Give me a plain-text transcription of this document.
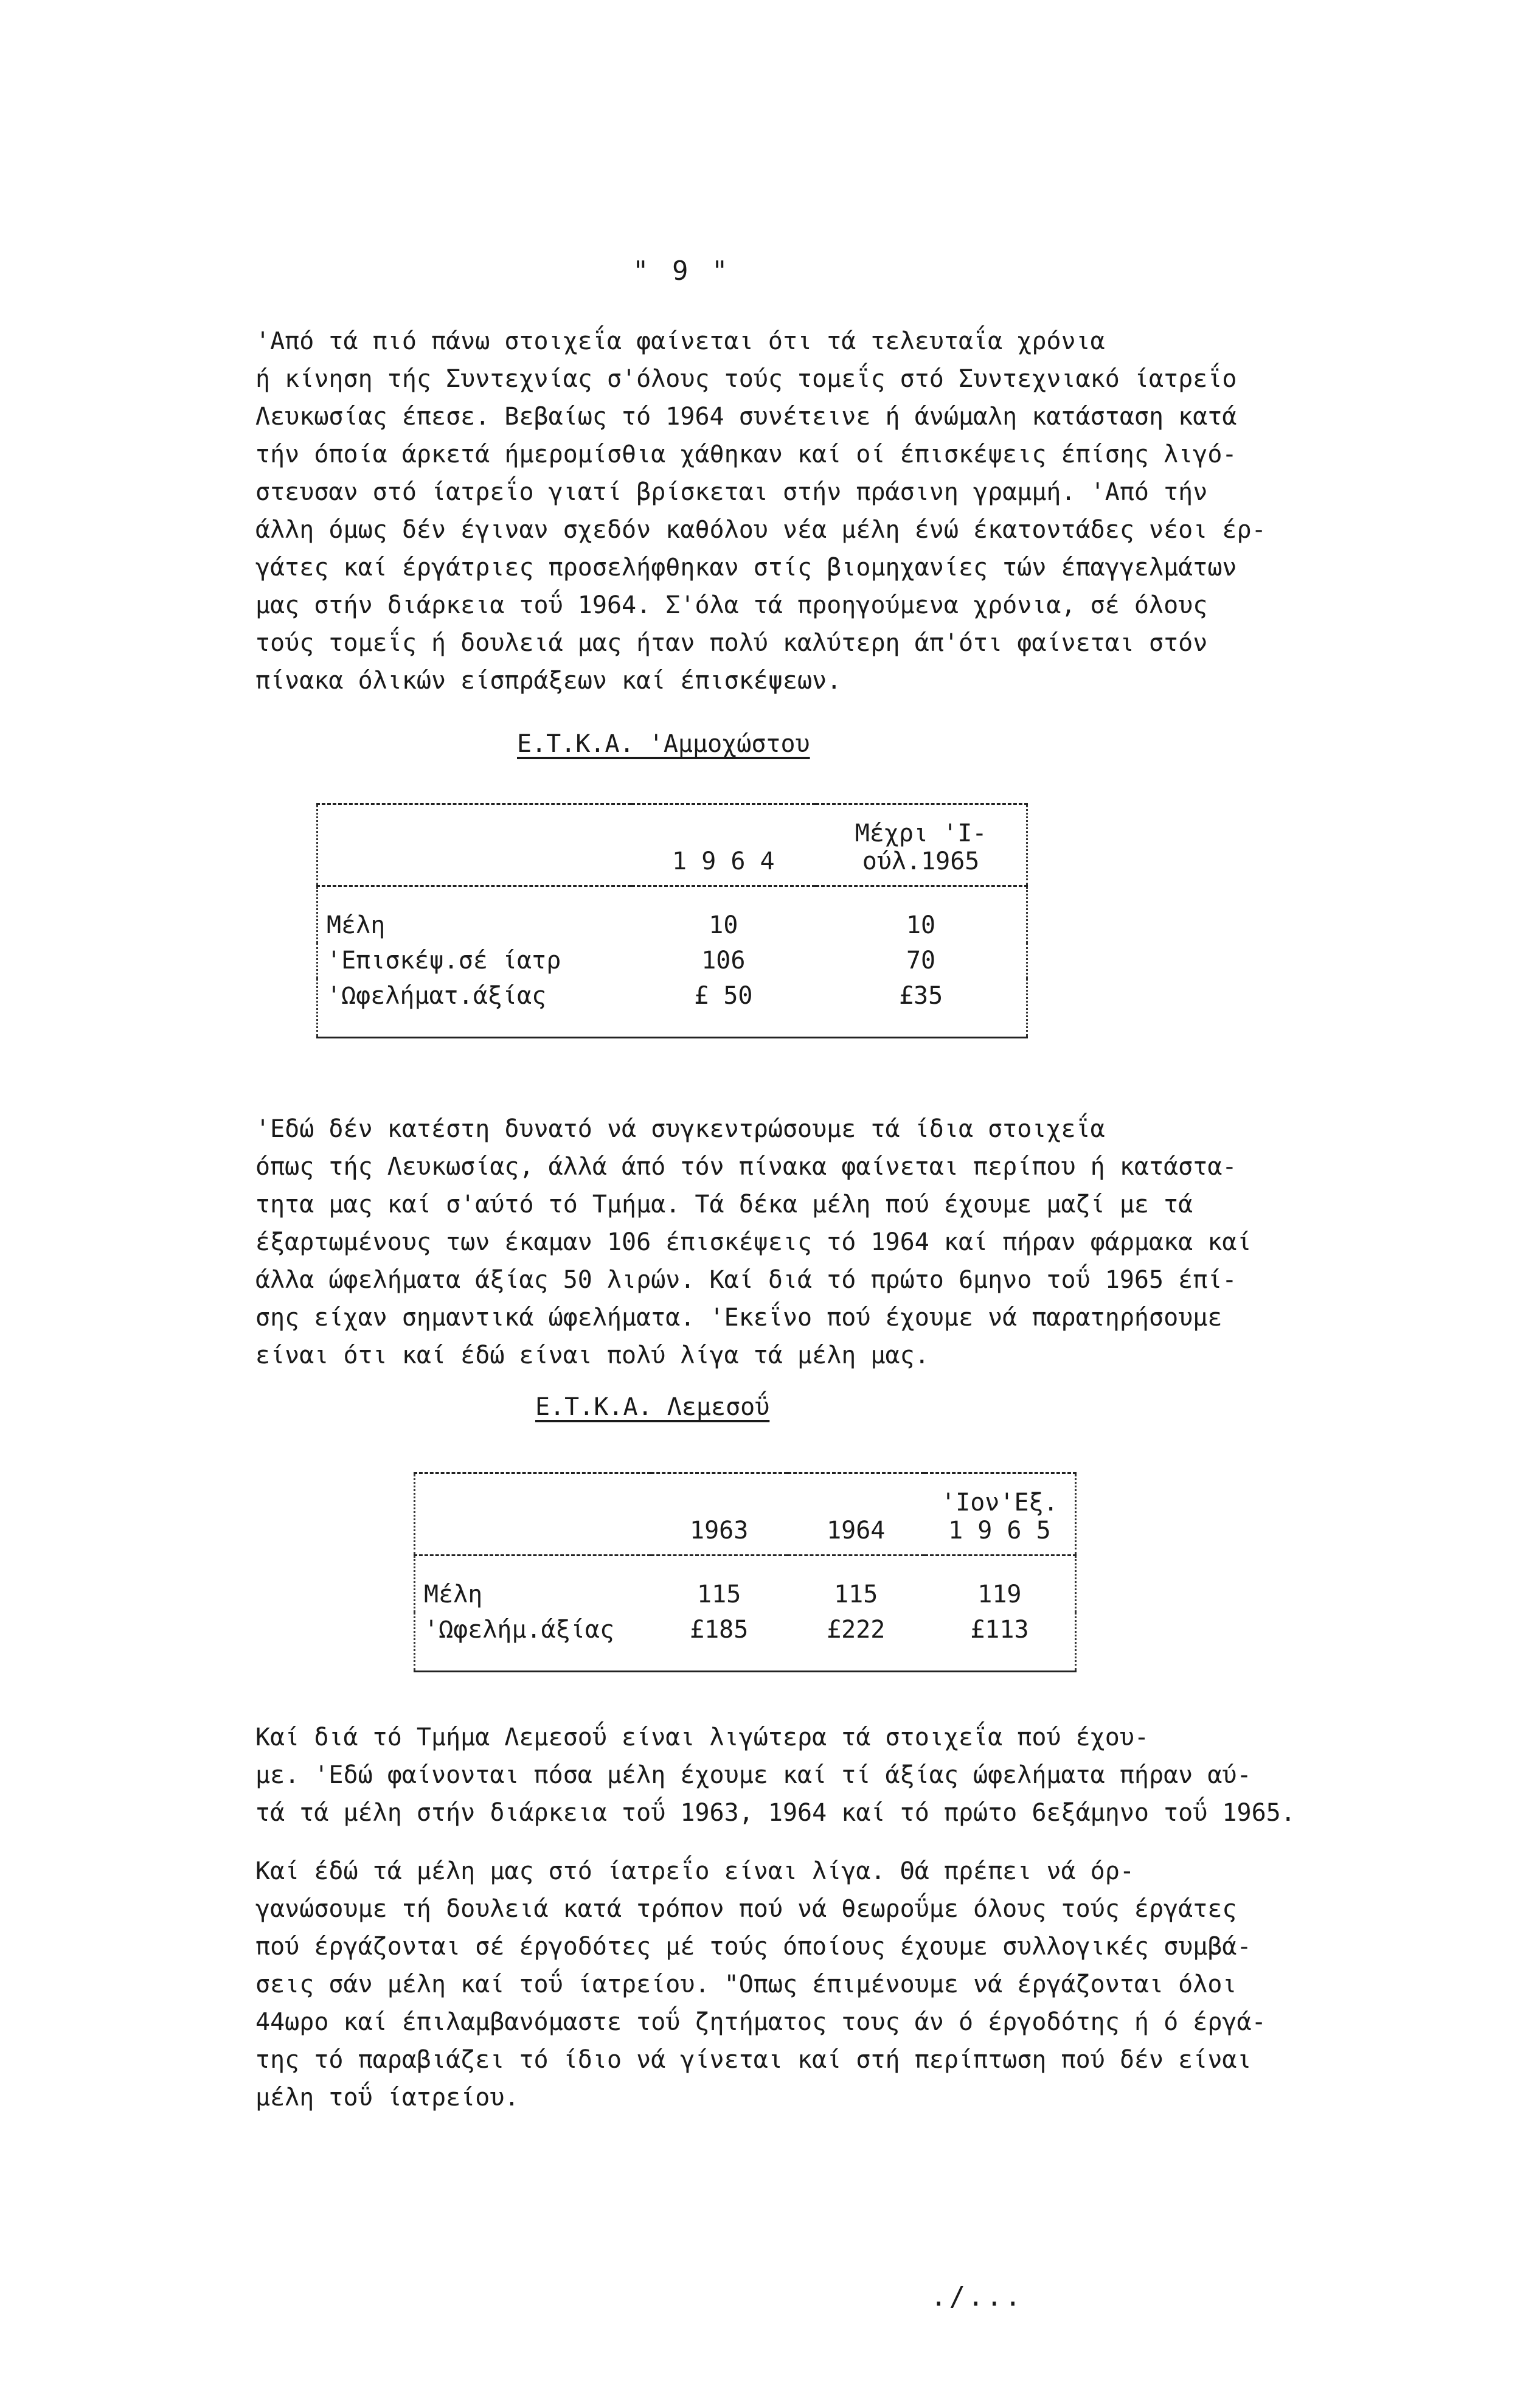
" 9 "

'Από τά πιό πάνω στοιχεΐα φαίνεται ότι τά τελευταΐα χρόνια
ή κίνηση τής Συντεχνίας σ'όλους τούς τομεΐς στό Συντεχνιακό ίατρεΐο
Λευκωσίας έπεσε. Βεβαίως τό 1964 συνέτεινε ή άνώμαλη κατάσταση κατά
τήν όποία άρκετά ήμερομίσθια χάθηκαν καί οί έπισκέψεις έπίσης λιγό-
στευσαν στό ίατρεΐο γιατί βρίσκεται στήν πράσινη γραμμή. 'Από τήν
άλλη όμως δέν έγιναν σχεδόν καθόλου νέα μέλη ένώ έκατοντάδες νέοι έρ-
γάτες καί έργάτριες προσελήφθηκαν στίς βιομηχανίες τών έπαγγελμάτων
μας στήν διάρκεια τοΰ 1964. Σ'όλα τά προηγούμενα χρόνια, σέ όλους
τούς τομεΐς ή δουλειά μας ήταν πολύ καλύτερη άπ'ότι φαίνεται στόν
πίνακα όλικών είσπράξεων καί έπισκέψεων.

Ε.Τ.Κ.Α. 'Αμμοχώστου
	1 9 6 4	Μέχρι 'Ι-ούλ.1965
Μέλη	10	10
'Επισκέψ.σέ ίατρ	106	70
'Ωφελήματ.άξίας	£ 50	£35

'Εδώ δέν κατέστη δυνατό νά συγκεντρώσουμε τά ίδια στοιχεΐα
όπως τής Λευκωσίας, άλλά άπό τόν πίνακα φαίνεται περίπου ή κατάστα-
τητα μας καί σ'αύτό τό Τμήμα. Τά δέκα μέλη πού έχουμε μαζί με τά
έξαρτωμένους των έκαμαν 106 έπισκέψεις τό 1964 καί πήραν φάρμακα καί
άλλα ώφελήματα άξίας 50 λιρών. Καί διά τό πρώτο 6μηνο τοΰ 1965 έπί-
σης είχαν σημαντικά ώφελήματα. 'Εκεΐνο πού έχουμε νά παρατηρήσουμε
είναι ότι καί έδώ είναι πολύ λίγα τά μέλη μας.

Ε.Τ.Κ.Α. Λεμεσοΰ
	1963	1964	'Ιον'Εξ. 1 9 6 5
Μέλη	115	115	119
'Ωφελήμ.άξίας	£185	£222	£113

Καί διά τό Τμήμα Λεμεσοΰ είναι λιγώτερα τά στοιχεΐα πού έχου-
με. 'Εδώ φαίνονται πόσα μέλη έχουμε καί τί άξίας ώφελήματα πήραν αύ-
τά τά μέλη στήν διάρκεια τοΰ 1963, 1964 καί τό πρώτο 6εξάμηνο τοΰ 1965.

Καί έδώ τά μέλη μας στό ίατρεΐο είναι λίγα. Θά πρέπει νά όρ-
γανώσουμε τή δουλειά κατά τρόπον πού νά θεωροΰμε όλους τούς έργάτες
πού έργάζονται σέ έργοδότες μέ τούς όποίους έχουμε συλλογικές συμβά-
σεις σάν μέλη καί τοΰ ίατρείου. "Οπως έπιμένουμε νά έργάζονται όλοι
44ωρο καί έπιλαμβανόμαστε τοΰ ζητήματος τους άν ό έργοδότης ή ό έργά-
της τό παραβιάζει τό ίδιο νά γίνεται καί στή περίπτωση πού δέν είναι
μέλη τοΰ ίατρείου.

./...
